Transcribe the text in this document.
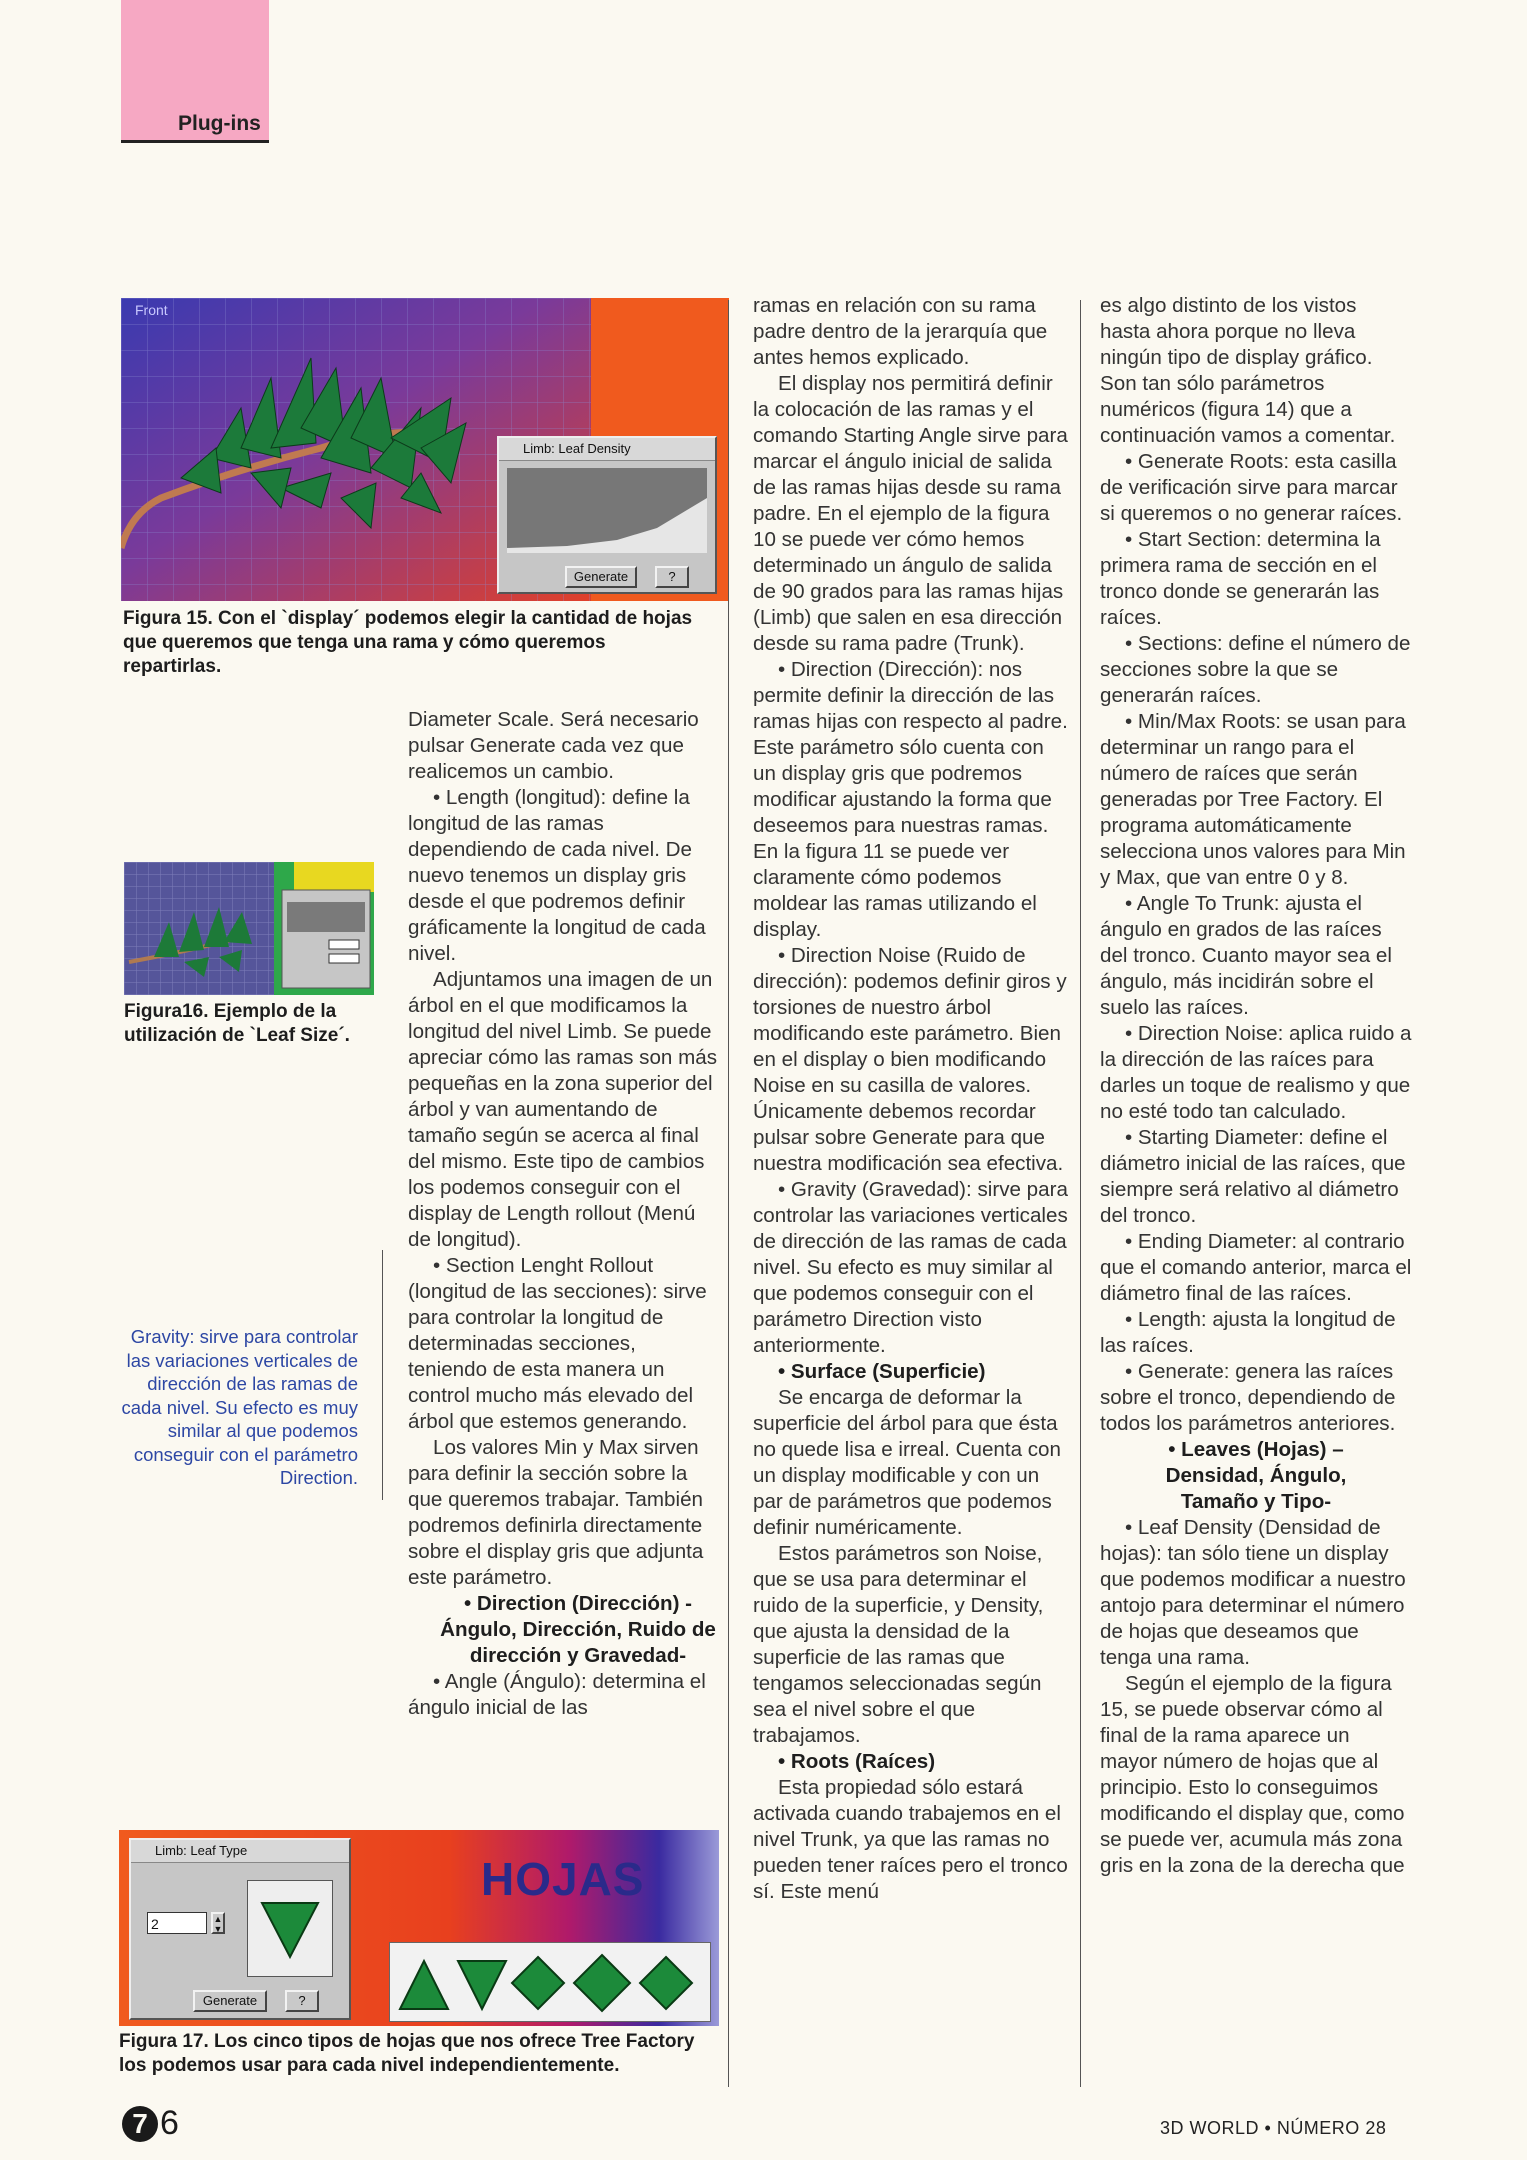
Plug-ins
Front
Limb: Leaf Density
Generate	?
Figura 15. Con el `display´ podemos elegir la cantidad de hojas que queremos que tenga una rama y cómo queremos repartirlas.
Figura16. Ejemplo de la utilización de `Leaf Size´.
Gravity: sirve para controlar las variaciones verticales de dirección de las ramas de cada nivel. Su efecto es muy similar al que podemos conseguir con el parámetro Direction.

Diameter Scale. Será necesario pulsar Generate cada vez que realicemos un cambio.

• Length (longitud): define la longitud de las ramas dependiendo de cada nivel. De nuevo tenemos un display gris desde el que podremos definir gráficamente la longitud de cada nivel.

Adjuntamos una imagen de un árbol en el que modificamos la longitud del nivel Limb. Se puede apreciar cómo las ramas son más pequeñas en la zona superior del árbol y van aumentando de tamaño según se acerca al final del mismo. Este tipo de cambios los podemos conseguir con el display de Length rollout (Menú de longitud).

• Section Lenght Rollout (longitud de las secciones): sirve para controlar la longitud de determinadas secciones, teniendo de esta manera un control mucho más elevado del árbol que estemos generando.

Los valores Min y Max sirven para definir la sección sobre la que queremos trabajar. También podremos definirla directamente sobre el display gris que adjunta este parámetro.

• Direction (Dirección) - Ángulo, Dirección, Ruido de dirección y Gravedad-

• Angle (Ángulo): determina el ángulo inicial de las

ramas en relación con su rama padre dentro de la jerarquía que antes hemos explicado.

El display nos permitirá definir la colocación de las ramas y el comando Starting Angle sirve para marcar el ángulo inicial de salida de las ramas hijas desde su rama padre. En el ejemplo de la figura 10 se puede ver cómo hemos determinado un ángulo de salida de 90 grados para las ramas hijas (Limb) que salen en esa dirección desde su rama padre (Trunk).

• Direction (Dirección): nos permite definir la dirección de las ramas hijas con respecto al padre. Este parámetro sólo cuenta con un display gris que podremos modificar ajustando la forma que deseemos para nuestras ramas. En la figura 11 se puede ver claramente cómo podemos moldear las ramas utilizando el display.

• Direction Noise (Ruido de dirección): podemos definir giros y torsiones de nuestro árbol modificando este parámetro. Bien en el display o bien modificando Noise en su casilla de valores. Únicamente debemos recordar pulsar sobre Generate para que nuestra modificación sea efectiva.

• Gravity (Gravedad): sirve para controlar las variaciones verticales de dirección de las ramas de cada nivel. Su efecto es muy similar al que podemos conseguir con el parámetro Direction visto anteriormente.

• Surface (Superficie)

Se encarga de deformar la superficie del árbol para que ésta no quede lisa e irreal. Cuenta con un display modificable y con un par de parámetros que podemos definir numéricamente.

Estos parámetros son Noise, que se usa para determinar el ruido de la superficie, y Density, que ajusta la densidad de la superficie de las ramas que tengamos seleccionadas según sea el nivel sobre el que trabajamos.

• Roots (Raíces)

Esta propiedad sólo estará activada cuando trabajemos en el nivel Trunk, ya que las ramas no pueden tener raíces pero el tronco sí. Este menú

es algo distinto de los vistos hasta ahora porque no lleva ningún tipo de display gráfico. Son tan sólo parámetros numéricos (figura 14) que a continuación vamos a comentar.

• Generate Roots: esta casilla de verificación sirve para marcar si queremos o no generar raíces.

• Start Section: determina la primera rama de sección en el tronco donde se generarán las raíces.

• Sections: define el número de secciones sobre la que se generarán raíces.

• Min/Max Roots: se usan para determinar un rango para el número de raíces que serán generadas por Tree Factory. El programa automáticamente selecciona unos valores para Min y Max, que van entre 0 y 8.

• Angle To Trunk: ajusta el ángulo en grados de las raíces del tronco. Cuanto mayor sea el ángulo, más incidirán sobre el suelo las raíces.

• Direction Noise: aplica ruido a la dirección de las raíces para darles un toque de realismo y que no esté todo tan calculado.

• Starting Diameter: define el diámetro inicial de las raíces, que siempre será relativo al diámetro del tronco.

• Ending Diameter: al contrario que el comando anterior, marca el diámetro final de las raíces.

• Length: ajusta la longitud de las raíces.

• Generate: genera las raíces sobre el tronco, dependiendo de todos los parámetros anteriores.

• Leaves (Hojas) –Densidad, Ángulo, Tamaño y Tipo-

• Leaf Density (Densidad de hojas): tan sólo tiene un display que podemos modificar a nuestro antojo para determinar el número de hojas que deseamos que tenga una rama.

Según el ejemplo de la figura 15, se puede observar cómo al final de la rama aparece un mayor número de hojas que al principio. Esto lo conseguimos modificando el display que, como se puede ver, acumula más zona gris en la zona de la derecha que

HOJAS
Limb: Leaf Type
2	▲
▼
Generate	?
Figura 17. Los cinco tipos de hojas que nos ofrece Tree Factory los podemos usar para cada nivel independientemente.
7 6	3D WORLD • NÚMERO 28
